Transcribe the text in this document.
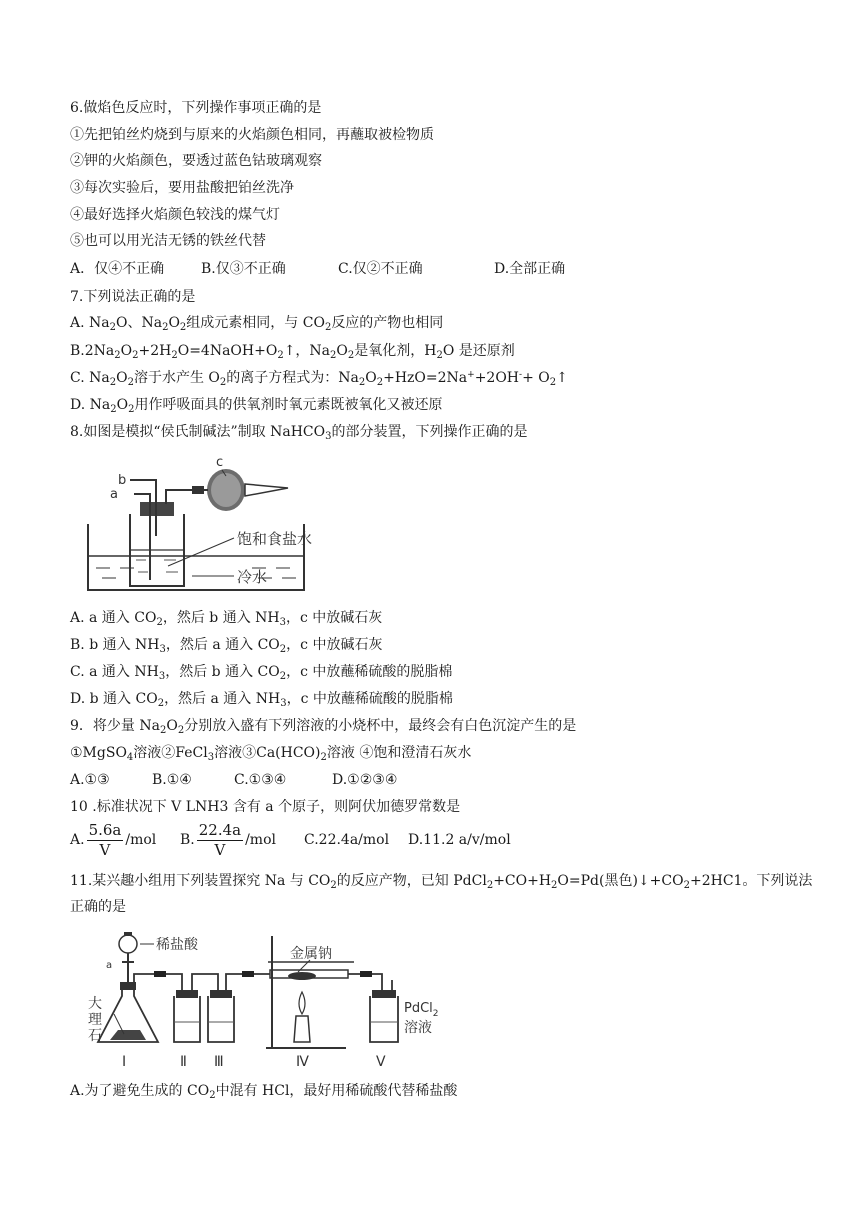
6.做焰色反应时，下列操作事项正确的是
①先把铂丝灼烧到与原来的火焰颜色相同，再蘸取被检物质
②钾的火焰颜色，要透过蓝色钴玻璃观察
③每次实验后，要用盐酸把铂丝洗净
④最好选择火焰颜色较浅的煤气灯
⑤也可以用光洁无锈的铁丝代替
A．仅④不正确	B.仅③不正确	C.仅②不正确	D.全部正确
7.下列说法正确的是
A. $Na_2O$、$Na_2O_2$组成元素相同，与 $CO_2$反应的产物也相同
$B.2Na_2O_2+2H_2O=4NaOH+O_2↑$，$Na_2O_2$是氧化剂，$H_2O$ 是还原剂
C. $Na_2O_2$溶于水产生 $O_2$的离子方程式为：$Na_2O_2+HzO=2Na^++2OH^-+$ $O_2↑$
D. $Na_2O_2$用作呼吸面具的供氧剂时氧元素既被氧化又被还原
8.如图是模拟“侯氏制碱法”制取 NaHCO$_3$的部分装置，下列操作正确的是
b
a
c
饱和食盐水
冷水
A. a 通入 $CO_2$，然后 b 通入 $NH_3$，c 中放碱石灰
B. b 通入 $NH_3$，然后 a 通入 $CO_2$，c 中放碱石灰
C. a 通入 $NH_3$，然后 b 通入 $CO_2$，c 中放蘸稀硫酸的脱脂棉
D. b 通入 $CO_2$，然后 a 通入 $NH_3$，c 中放蘸稀硫酸的脱脂棉
9．将少量 $Na_2O_2$分别放入盛有下列溶液的小烧杯中，最终会有白色沉淀产生的是
①MgSO$_4$溶液②FeCl$_3$溶液$③Ca(HCO)_2$溶液 ④饱和澄清石灰水
A.①③	B.①④	C.①③④	D.①②③④
10 .标准状况下 V LNH3 含有 a 个原子，则阿伏加德罗常数是
A. $\frac{5.6a}{V} /mol$ B. $\frac{22.4a}{V} /mol$ C.22.4a/mol D.11.2 a/v/mol
11.某兴趣小组用下列装置探究 Na 与 $CO_2$的反应产物，已知 $PdCl_2+CO+H_2O=Pd$(黑色)$↓+CO_2+2HC1$。下列说法
正确的是
稀盐酸
a
大
理
石
金属钠
PdCl$_2$
溶液
Ⅰ	Ⅱ Ⅲ	Ⅳ	Ⅴ
A.为了避免生成的 $CO_2$中混有 HCl，最好用稀硫酸代替稀盐酸
